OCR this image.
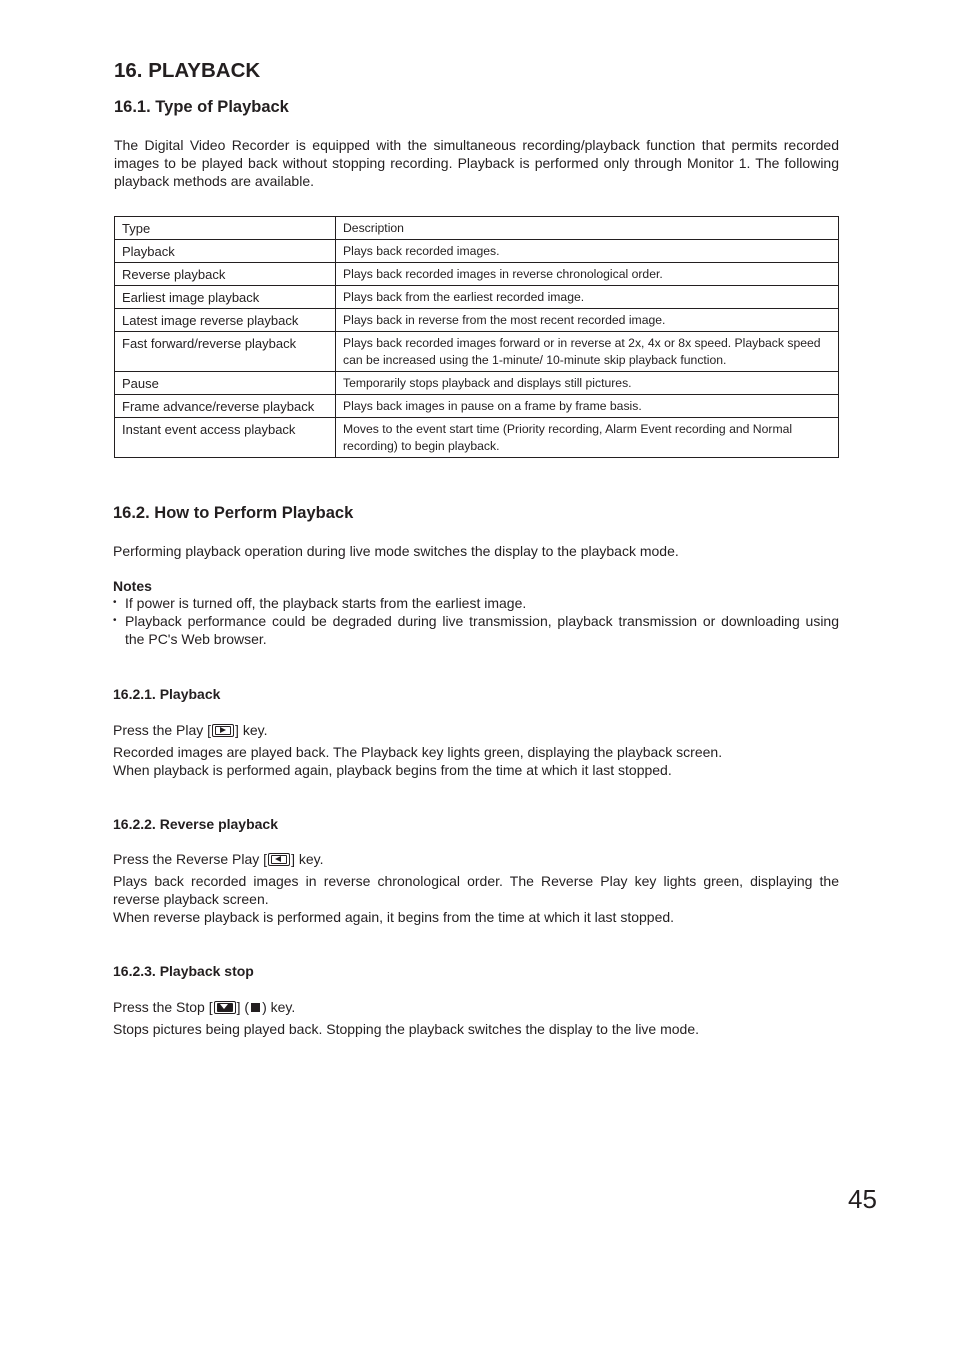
16. PLAYBACK
16.1. Type of Playback

The Digital Video Recorder is equipped with the simultaneous recording/playback function that permits recorded images to be played back without stopping recording. Playback is performed only through Monitor 1. The following playback methods are available.

Type	Description
Playback	Plays back recorded images.
Reverse playback	Plays back recorded images in reverse chronological order.
Earliest image playback	Plays back from the earliest recorded image.
Latest image reverse playback	Plays back in reverse from the most recent recorded image.
Fast forward/reverse playback	Plays back recorded images forward or in reverse at 2x, 4x or 8x speed. Playback speed can be increased using the 1-minute/ 10-minute skip playback function.
Pause	Temporarily stops playback and displays still pictures.
Frame advance/reverse playback	Plays back images in pause on a frame by frame basis.
Instant event access playback	Moves to the event start time (Priority recording, Alarm Event recording and Normal recording) to begin playback.
16.2. How to Perform Playback

Performing playback operation during live mode switches the display to the playback mode.

Notes
• If power is turned off, the playback starts from the earliest image.
• Playback performance could be degraded during live transmission, playback transmission or downloading using the PC's Web browser.
16.2.1. Playback

Press the Play [ ] key.

Recorded images are played back. The Playback key lights green, displaying the playback screen.

When playback is performed again, playback begins from the time at which it last stopped.

16.2.2. Reverse playback

Press the Reverse Play [ ] key.

Plays back recorded images in reverse chronological order. The Reverse Play key lights green, displaying the reverse playback screen.

When reverse playback is performed again, it begins from the time at which it last stopped.

16.2.3. Playback stop

Press the Stop [ ] ( ) key.

Stops pictures being played back. Stopping the playback switches the display to the live mode.

45
